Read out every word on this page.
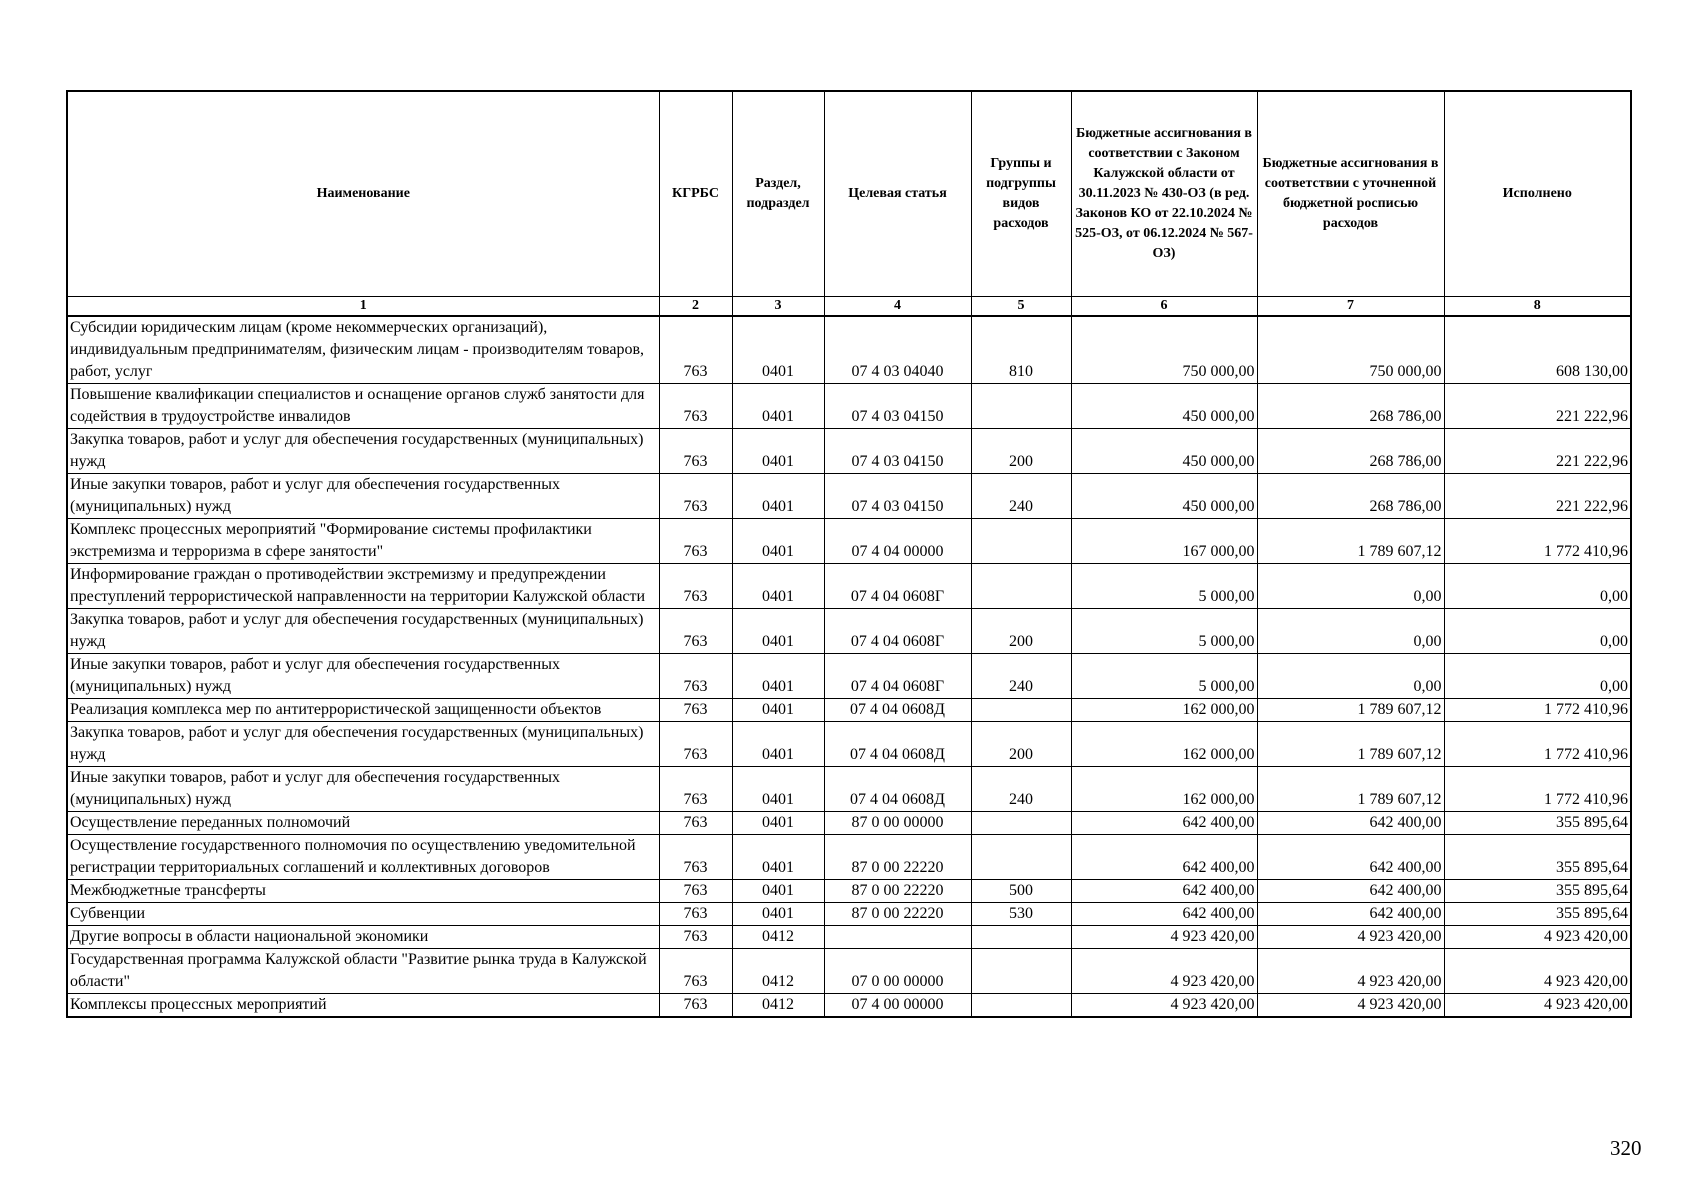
Наименование	КГРБС	Раздел, подраздел	Целевая статья	Группы и подгруппы видов расходов	Бюджетные ассигнования в соответствии с Законом Калужской области от 30.11.2023 № 430-ОЗ (в ред. Законов КО от 22.10.2024 № 525-ОЗ, от 06.12.2024 № 567-ОЗ)	Бюджетные ассигнования в соответствии с уточненной бюджетной росписью расходов	Исполнено
1	2	3	4	5	6	7	8
Субсидии юридическим лицам (кроме некоммерческих организаций), индивидуальным предпринимателям, физическим лицам - производителям товаров, работ, услуг	763	0401	07 4 03 04040	810	750 000,00	750 000,00	608 130,00
Повышение квалификации специалистов и оснащение органов служб занятости для содействия в трудоустройстве инвалидов	763	0401	07 4 03 04150		450 000,00	268 786,00	221 222,96
Закупка товаров, работ и услуг для обеспечения государственных (муниципальных) нужд	763	0401	07 4 03 04150	200	450 000,00	268 786,00	221 222,96
Иные закупки товаров, работ и услуг для обеспечения государственных (муниципальных) нужд	763	0401	07 4 03 04150	240	450 000,00	268 786,00	221 222,96
Комплекс процессных мероприятий "Формирование системы профилактики экстремизма и терроризма в сфере занятости"	763	0401	07 4 04 00000		167 000,00	1 789 607,12	1 772 410,96
Информирование граждан о противодействии экстремизму и предупреждении преступлений террористической направленности на территории Калужской области	763	0401	07 4 04 0608Г		5 000,00	0,00	0,00
Закупка товаров, работ и услуг для обеспечения государственных (муниципальных) нужд	763	0401	07 4 04 0608Г	200	5 000,00	0,00	0,00
Иные закупки товаров, работ и услуг для обеспечения государственных (муниципальных) нужд	763	0401	07 4 04 0608Г	240	5 000,00	0,00	0,00
Реализация комплекса мер по антитеррористической защищенности объектов	763	0401	07 4 04 0608Д		162 000,00	1 789 607,12	1 772 410,96
Закупка товаров, работ и услуг для обеспечения государственных (муниципальных) нужд	763	0401	07 4 04 0608Д	200	162 000,00	1 789 607,12	1 772 410,96
Иные закупки товаров, работ и услуг для обеспечения государственных (муниципальных) нужд	763	0401	07 4 04 0608Д	240	162 000,00	1 789 607,12	1 772 410,96
Осуществление переданных полномочий	763	0401	87 0 00 00000		642 400,00	642 400,00	355 895,64
Осуществление государственного полномочия по осуществлению уведомительной регистрации территориальных соглашений и коллективных договоров	763	0401	87 0 00 22220		642 400,00	642 400,00	355 895,64
Межбюджетные трансферты	763	0401	87 0 00 22220	500	642 400,00	642 400,00	355 895,64
Субвенции	763	0401	87 0 00 22220	530	642 400,00	642 400,00	355 895,64
Другие вопросы в области национальной экономики	763	0412			4 923 420,00	4 923 420,00	4 923 420,00
Государственная программа Калужской области "Развитие рынка труда в Калужской области"	763	0412	07 0 00 00000		4 923 420,00	4 923 420,00	4 923 420,00
Комплексы процессных мероприятий	763	0412	07 4 00 00000		4 923 420,00	4 923 420,00	4 923 420,00
320
